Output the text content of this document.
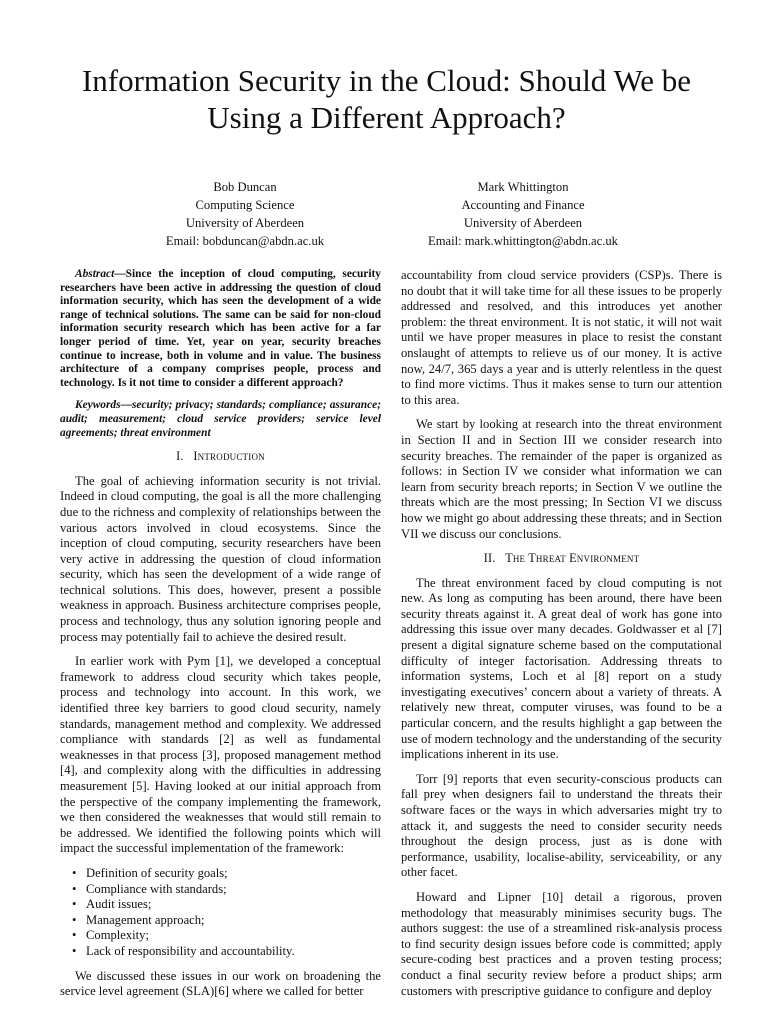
Information Security in the Cloud: Should We be Using a Different Approach?
Bob Duncan
Computing Science
University of Aberdeen
Email: bobduncan@abdn.ac.uk
Mark Whittington
Accounting and Finance
University of Aberdeen
Email: mark.whittington@abdn.ac.uk

Abstract—Since the inception of cloud computing, security researchers have been active in addressing the question of cloud information security, which has seen the development of a wide range of technical solutions. The same can be said for non-cloud information security research which has been active for a far longer period of time. Yet, year on year, security breaches continue to increase, both in volume and in value. The business architecture of a company comprises people, process and technology. Is it not time to consider a different approach?

Keywords—security; privacy; standards; compliance; assurance; audit; measurement; cloud service providers; service level agreements; threat environment

I. Introduction

The goal of achieving information security is not trivial. Indeed in cloud computing, the goal is all the more challenging due to the richness and complexity of relationships between the various actors involved in cloud ecosystems. Since the inception of cloud computing, security researchers have been very active in addressing the question of cloud information security, which has seen the development of a wide range of technical solutions. This does, however, present a possible weakness in approach. Business architecture comprises people, process and technology, thus any solution ignoring people and process may potentially fail to achieve the desired result.

In earlier work with Pym [1], we developed a conceptual framework to address cloud security which takes people, process and technology into account. In this work, we identified three key barriers to good cloud security, namely standards, management method and complexity. We addressed compliance with standards [2] as well as fundamental weaknesses in that process [3], proposed management method [4], and complexity along with the difficulties in addressing measurement [5]. Having looked at our initial approach from the perspective of the company implementing the framework, we then considered the weaknesses that would still remain to be addressed. We identified the following points which will impact the successful implementation of the framework:

• Definition of security goals;
• Compliance with standards;
• Audit issues;
• Management approach;
• Complexity;
• Lack of responsibility and accountability.

We discussed these issues in our work on broadening the service level agreement (SLA)[6] where we called for better

accountability from cloud service providers (CSP)s. There is no doubt that it will take time for all these issues to be properly addressed and resolved, and this introduces yet another problem: the threat environment. It is not static, it will not wait until we have proper measures in place to resist the constant onslaught of attempts to relieve us of our money. It is active now, 24/7, 365 days a year and is utterly relentless in the quest to find more victims. Thus it makes sense to turn our attention to this area.

We start by looking at research into the threat environment in Section II and in Section III we consider research into security breaches. The remainder of the paper is organized as follows: in Section IV we consider what information we can learn from security breach reports; in Section V we outline the threats which are the most pressing; In Section VI we discuss how we might go about addressing these threats; and in Section VII we discuss our conclusions.

II. The Threat Environment

The threat environment faced by cloud computing is not new. As long as computing has been around, there have been security threats against it. A great deal of work has gone into addressing this issue over many decades. Goldwasser et al [7] present a digital signature scheme based on the computational difficulty of integer factorisation. Addressing threats to information systems, Loch et al [8] report on a study investigating executives’ concern about a variety of threats. A relatively new threat, computer viruses, was found to be a particular concern, and the results highlight a gap between the use of modern technology and the understanding of the security implications inherent in its use.

Torr [9] reports that even security-conscious products can fall prey when designers fail to understand the threats their software faces or the ways in which adversaries might try to attack it, and suggests the need to consider security needs throughout the design process, just as is done with performance, usability, localise-ability, serviceability, or any other facet.

Howard and Lipner [10] detail a rigorous, proven methodology that measurably minimises security bugs. The authors suggest: the use of a streamlined risk-analysis process to find security design issues before code is committed; apply secure-coding best practices and a proven testing process; conduct a final security review before a product ships; arm customers with prescriptive guidance to configure and deploy
